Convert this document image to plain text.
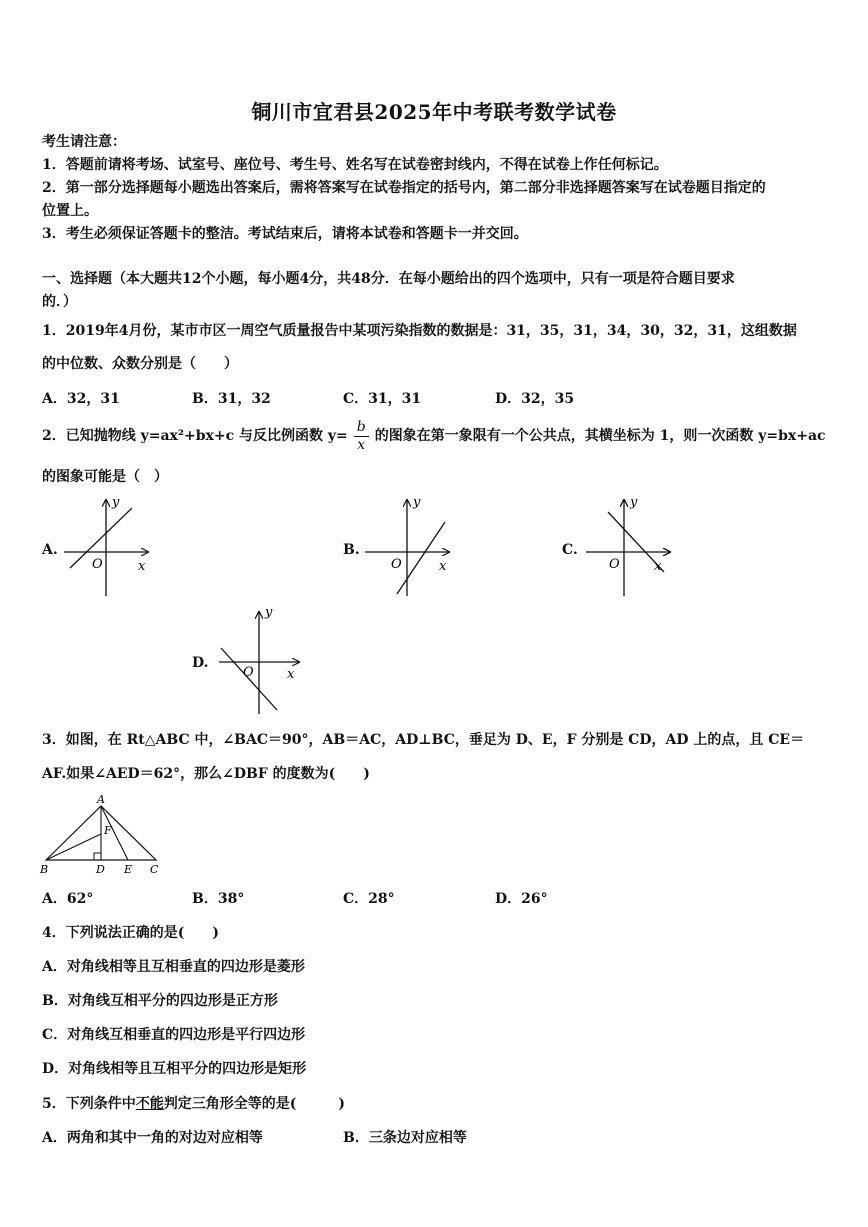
铜川市宜君县2025年中考联考数学试卷
考生请注意：
1．答题前请将考场、试室号、座位号、考生号、姓名写在试卷密封线内，不得在试卷上作任何标记。
2．第一部分选择题每小题选出答案后，需将答案写在试卷指定的括号内，第二部分非选择题答案写在试卷题目指定的
位置上。
3．考生必须保证答题卡的整洁。考试结束后，请将本试卷和答题卡一并交回。
一、选择题（本大题共12个小题，每小题4分，共48分．在每小题给出的四个选项中，只有一项是符合题目要求
的．）
1．2019年4月份，某市市区一周空气质量报告中某项污染指数的数据是：31，35，31，34，30，32，31，这组数据
的中位数、众数分别是（　　）
A．32，31	B．31，32	C．31，31	D．32，35
2．已知抛物线 y=ax²+bx+c 与反比例函数 $y= \frac{b}{x}$ 的图象在第一象限有一个公共点，其横坐标为 1，则一次函数 y=bx+ac
的图象可能是（　）
A.	B.	C.
D.
y
x
O
y
x
O
y
x
O
y
x
O
3．如图，在 Rt△ABC 中，∠BAC＝90°，AB＝AC，AD⊥BC，垂足为 D、E，F 分别是 CD，AD 上的点，且 CE＝
AF.如果∠AED＝62°，那么∠DBF 的度数为(　　)
A
B	D E C
F
A．62°	B．38°	C．28°	D．26°
4．下列说法正确的是(　　)
A．对角线相等且互相垂直的四边形是菱形
B．对角线互相平分的四边形是正方形
C．对角线互相垂直的四边形是平行四边形
D．对角线相等且互相平分的四边形是矩形
5．下列条件中不能判定三角形全等的是(　　　)
A．两角和其中一角的对边对应相等	B．三条边对应相等
